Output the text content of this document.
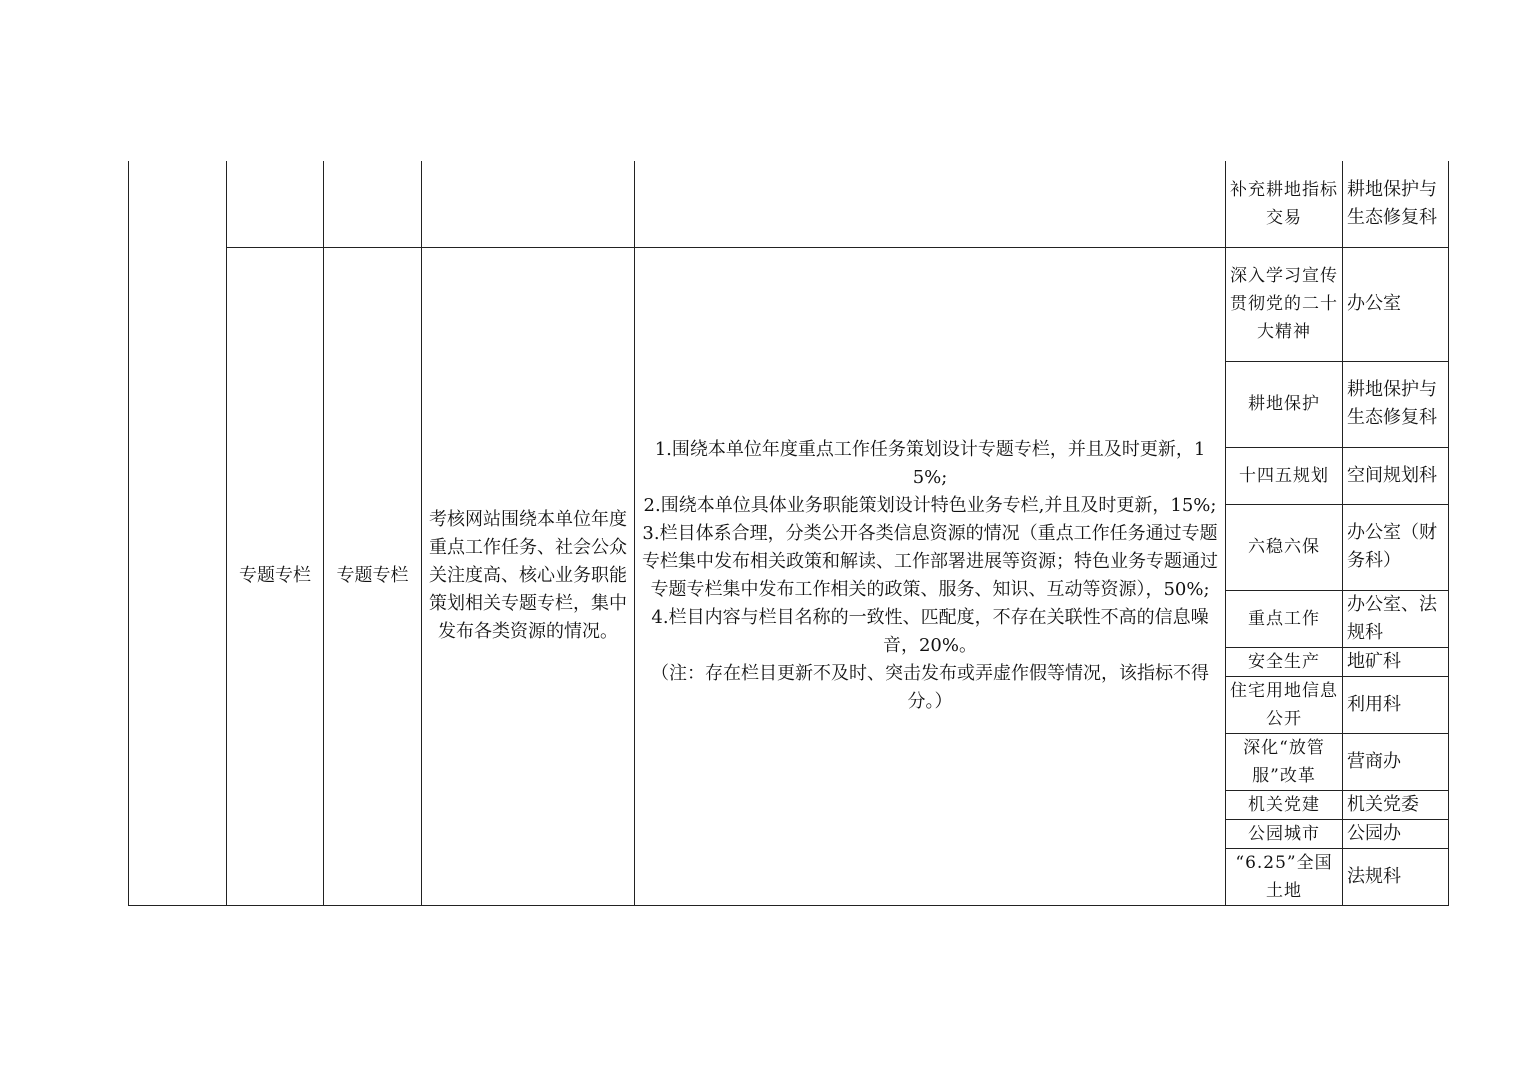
					补充耕地指标交易	耕地保护与生态修复科
	专题专栏	专题专栏	考核网站围绕本单位年度重点工作任务、社会公众关注度高、核心业务职能策划相关专题专栏，集中发布各类资源的情况。	1.围绕本单位年度重点工作任务策划设计专题专栏，并且及时更新，15%;

2.围绕本单位具体业务职能策划设计特色业务专栏,并且及时更新，15%;

3.栏目体系合理，分类公开各类信息资源的情况（重点工作任务通过专题专栏集中发布相关政策和解读、工作部署进展等资源；特色业务专题通过专题专栏集中发布工作相关的政策、服务、知识、互动等资源），50%;

4.栏目内容与栏目名称的一致性、匹配度，不存在关联性不高的信息噪音，20%。

（注：存在栏目更新不及时、突击发布或弄虚作假等情况，该指标不得分。）	深入学习宣传贯彻党的二十大精神	办公室
					耕地保护	耕地保护与生态修复科
					十四五规划	空间规划科
					六稳六保	办公室（财务科）
					重点工作	办公室、法规科
					安全生产	地矿科
					住宅用地信息公开	利用科
					深化“放管服”改革	营商办
					机关党建	机关党委
					公园城市	公园办
					“6.25”全国土地	法规科
